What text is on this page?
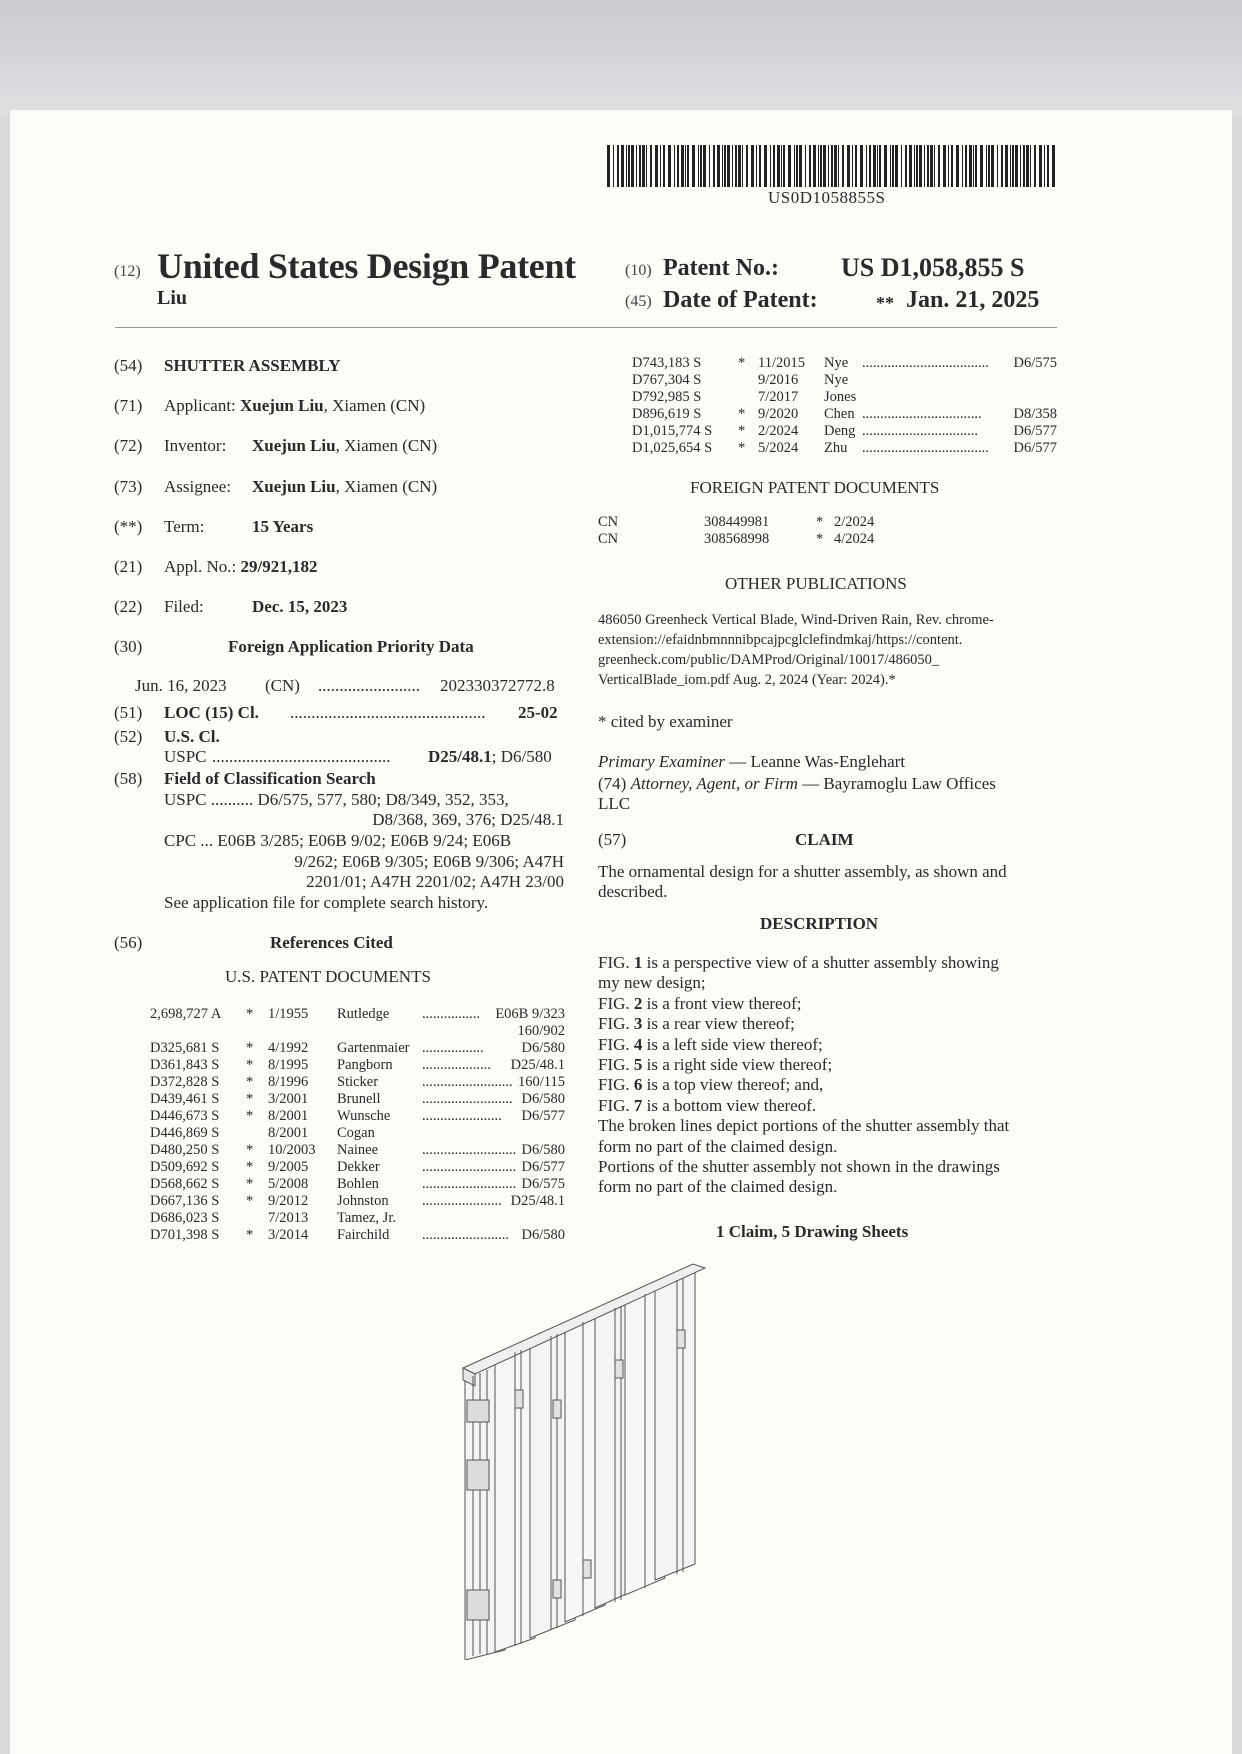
US0D1058855S
(12) United States Design Patent
Liu
(10) Patent No.: US D1,058,855 S
(45) Date of Patent:	** Jan. 21, 2025
(54) SHUTTER ASSEMBLY
(71) Applicant: Xuejun Liu, Xiamen (CN)
(72) Inventor: Xuejun Liu, Xiamen (CN)
(73) Assignee: Xuejun Liu, Xiamen (CN)
(**) Term:	15 Years
(21) Appl. No.: 29/921,182
(22) Filed:	Dec. 15, 2023
(30)	Foreign Application Priority Data
Jun. 16, 2023 (CN) ........................ 202330372772.8
(51) LOC (15) Cl. .............................................. 25-02
(52) U.S. Cl.
USPC .......................................... D25/48.1; D6/580
(58) Field of Classification Search
USPC .......... D6/575, 577, 580; D8/349, 352, 353,
D8/368, 369, 376; D25/48.1
CPC ... E06B 3/285; E06B 9/02; E06B 9/24; E06B
9/262; E06B 9/305; E06B 9/306; A47H
2201/01; A47H 2201/02; A47H 23/00
See application file for complete search history.
(56)	References Cited
U.S. PATENT DOCUMENTS
2,698,727 A * 1/1955 Rutledge ................ E06B 9/323
160/902
D325,681 S * 4/1992 Gartenmaier .................	D6/580
D361,843 S * 8/1995 Pangborn ................... D25/48.1
D372,828 S * 8/1996 Sticker	......................... 160/115
D439,461 S * 3/2001 Brunell	......................... D6/580
D446,673 S * 8/2001 Wunsche ...................... D6/577
D446,869 S	8/2001 Cogan
D480,250 S * 10/2003 Nainee	.......................... D6/580
D509,692 S * 9/2005 Dekker	.......................... D6/577
D568,662 S * 5/2008 Bohlen	.......................... D6/575
D667,136 S * 9/2012 Johnston ...................... D25/48.1
D686,023 S	7/2013 Tamez, Jr.
D701,398 S * 3/2014 Fairchild ........................ D6/580
D743,183 S	* 11/2015 Nye ................................... D6/575
D767,304 S	9/2016 Nye
D792,985 S	7/2017 Jones
D896,619 S	* 9/2020 Chen ................................. D8/358
D1,015,774 S * 2/2024 Deng ................................ D6/577
D1,025,654 S * 5/2024 Zhu ................................... D6/577
FOREIGN PATENT DOCUMENTS
CN	308449981	* 2/2024
CN	308568998	* 4/2024
OTHER PUBLICATIONS
486050 Greenheck Vertical Blade, Wind-Driven Rain, Rev. chrome-
extension://efaidnbmnnnibpcajpcglclefindmkaj/https://content.
greenheck.com/public/DAMProd/Original/10017/486050_
VerticalBlade_iom.pdf Aug. 2, 2024 (Year: 2024).*
* cited by examiner
Primary Examiner — Leanne Was-Englehart
(74) Attorney, Agent, or Firm — Bayramoglu Law Offices
LLC
(57)	CLAIM
The ornamental design for a shutter assembly, as shown and
described.
DESCRIPTION
FIG. 1 is a perspective view of a shutter assembly showing
my new design;
FIG. 2 is a front view thereof;
FIG. 3 is a rear view thereof;
FIG. 4 is a left side view thereof;
FIG. 5 is a right side view thereof;
FIG. 6 is a top view thereof; and,
FIG. 7 is a bottom view thereof.
The broken lines depict portions of the shutter assembly that
form no part of the claimed design.
Portions of the shutter assembly not shown in the drawings
form no part of the claimed design.
1 Claim, 5 Drawing Sheets
